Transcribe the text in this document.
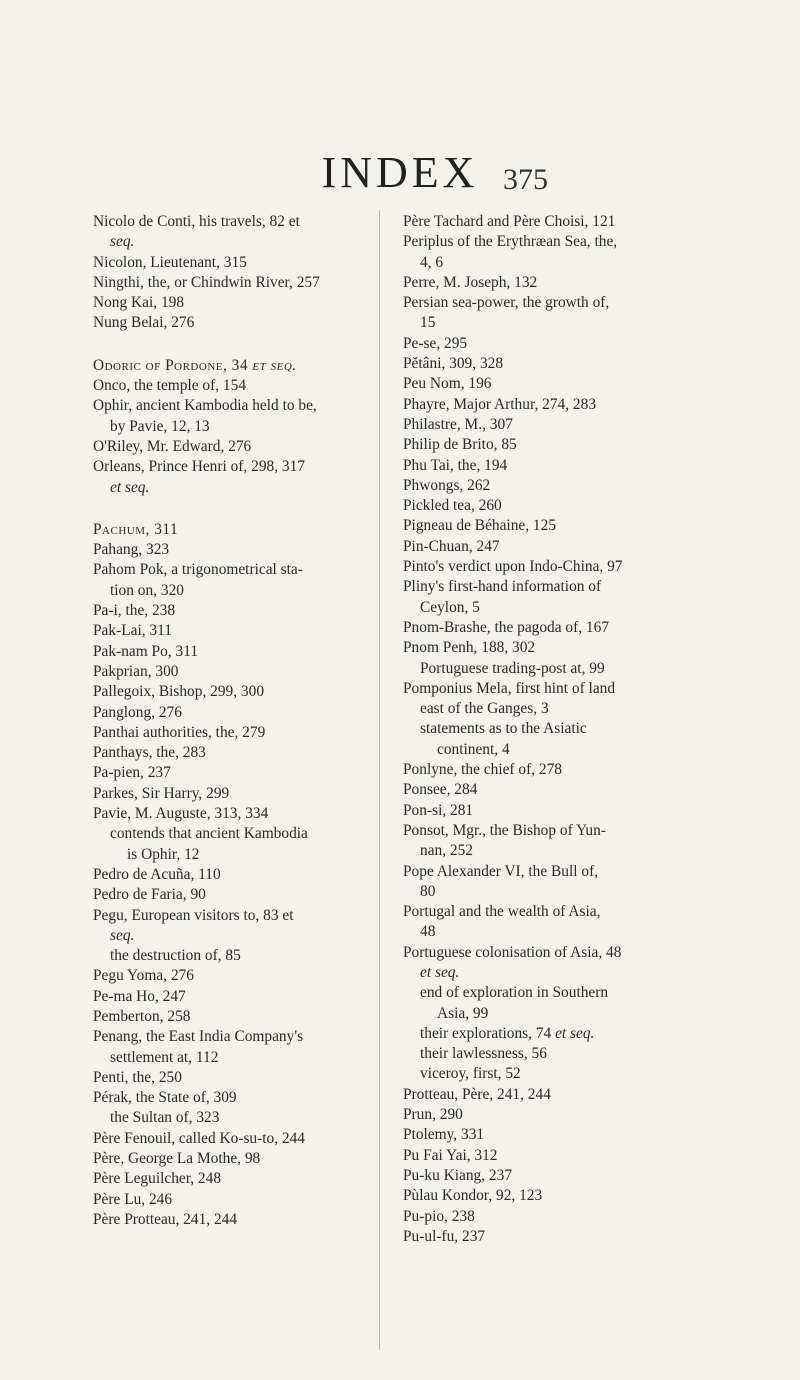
INDEX 375
Nicolo de Conti, his travels, 82 et
seq.
Nicolon, Lieutenant, 315
Ningthi, the, or Chindwin River, 257
Nong Kai, 198
Nung Belai, 276
Odoric of Pordone, 34 et seq.
Onco, the temple of, 154
Ophir, ancient Kambodia held to be,
by Pavie, 12, 13
O'Riley, Mr. Edward, 276
Orleans, Prince Henri of, 298, 317
et seq.
Pachum, 311
Pahang, 323
Pahom Pok, a trigonometrical sta-
tion on, 320
Pa-i, the, 238
Pak-Lai, 311
Pak-nam Po, 311
Pakprian, 300
Pallegoix, Bishop, 299, 300
Panglong, 276
Panthai authorities, the, 279
Panthays, the, 283
Pa-pien, 237
Parkes, Sir Harry, 299
Pavie, M. Auguste, 313, 334
contends that ancient Kambodia
is Ophir, 12
Pedro de Acuña, 110
Pedro de Faria, 90
Pegu, European visitors to, 83 et
seq.
the destruction of, 85
Pegu Yoma, 276
Pe-ma Ho, 247
Pemberton, 258
Penang, the East India Company's
settlement at, 112
Penti, the, 250
Pérak, the State of, 309
the Sultan of, 323
Père Fenouil, called Ko-su-to, 244
Père, George La Mothe, 98
Père Leguilcher, 248
Père Lu, 246
Père Protteau, 241, 244
Père Tachard and Père Choisi, 121
Periplus of the Erythræan Sea, the,
4, 6
Perre, M. Joseph, 132
Persian sea-power, the growth of,
15
Pe-se, 295
Pětâni, 309, 328
Peu Nom, 196
Phayre, Major Arthur, 274, 283
Philastre, M., 307
Philip de Brito, 85
Phu Tai, the, 194
Phwongs, 262
Pickled tea, 260
Pigneau de Béhaine, 125
Pin-Chuan, 247
Pinto's verdict upon Indo-China, 97
Pliny's first-hand information of
Ceylon, 5
Pnom-Brashe, the pagoda of, 167
Pnom Penh, 188, 302
Portuguese trading-post at, 99
Pomponius Mela, first hint of land
east of the Ganges, 3
statements as to the Asiatic
continent, 4
Ponlyne, the chief of, 278
Ponsee, 284
Pon-si, 281
Ponsot, Mgr., the Bishop of Yun-
nan, 252
Pope Alexander VI, the Bull of,
80
Portugal and the wealth of Asia,
48
Portuguese colonisation of Asia, 48
et seq.
end of exploration in Southern
Asia, 99
their explorations, 74 et seq.
their lawlessness, 56
viceroy, first, 52
Protteau, Père, 241, 244
Prun, 290
Ptolemy, 331
Pu Fai Yai, 312
Pu-ku Kiang, 237
Pùlau Kondor, 92, 123
Pu-pio, 238
Pu-ul-fu, 237
